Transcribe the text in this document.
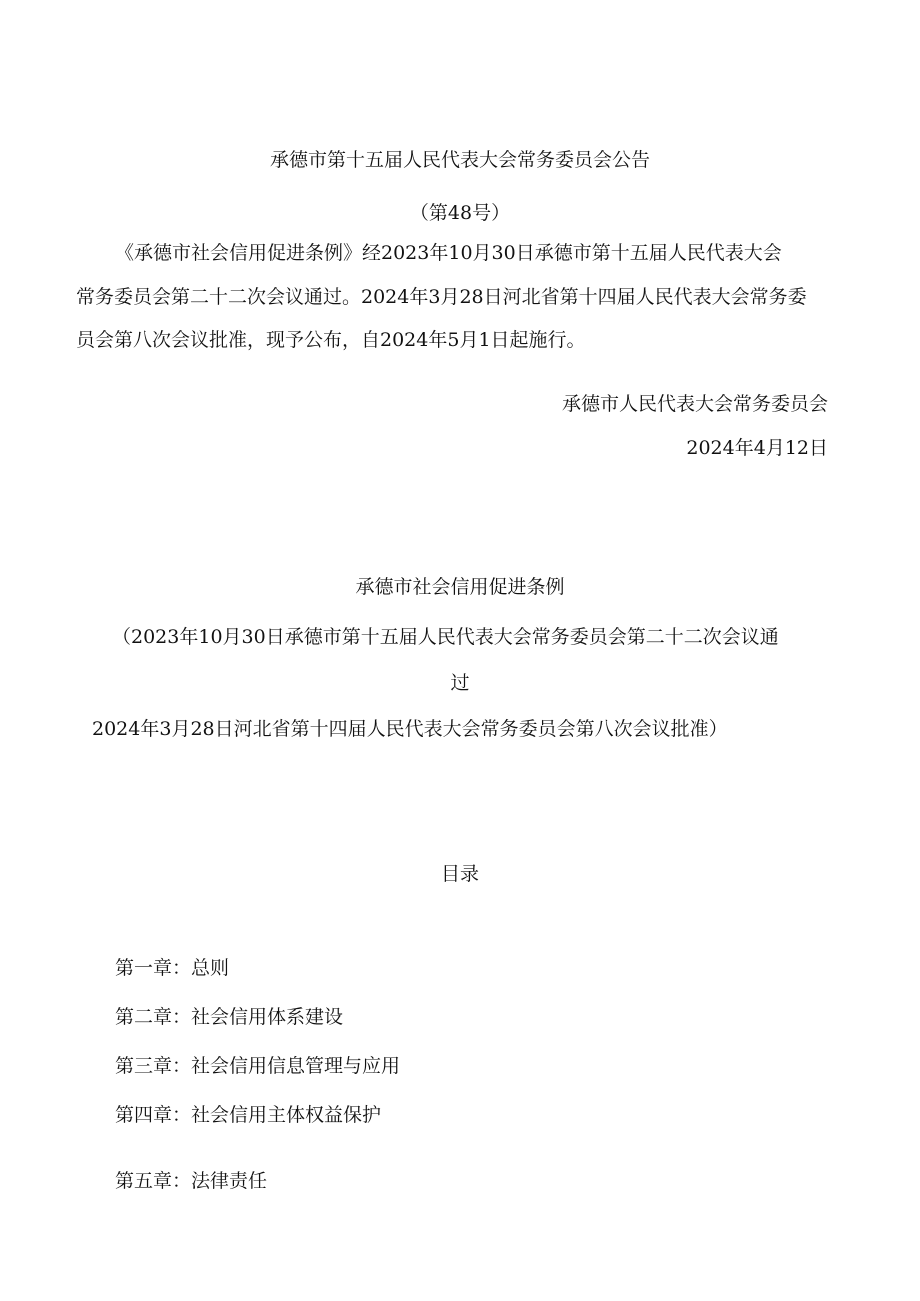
承德市第十五届人民代表大会常务委员会公告
（第48号）
《承德市社会信用促进条例》经2023年10月30日承德市第十五届人民代表大会
常务委员会第二十二次会议通过。2024年3月28日河北省第十四届人民代表大会常务委
员会第八次会议批准，现予公布，自2024年5月1日起施行。
承德市人民代表大会常务委员会
2024年4月12日
承德市社会信用促进条例
（2023年10月30日承德市第十五届人民代表大会常务委员会第二十二次会议通
过
2024年3月28日河北省第十四届人民代表大会常务委员会第八次会议批准）
目录
第一章：总则
第二章：社会信用体系建设
第三章：社会信用信息管理与应用
第四章：社会信用主体权益保护
第五章：法律责任
